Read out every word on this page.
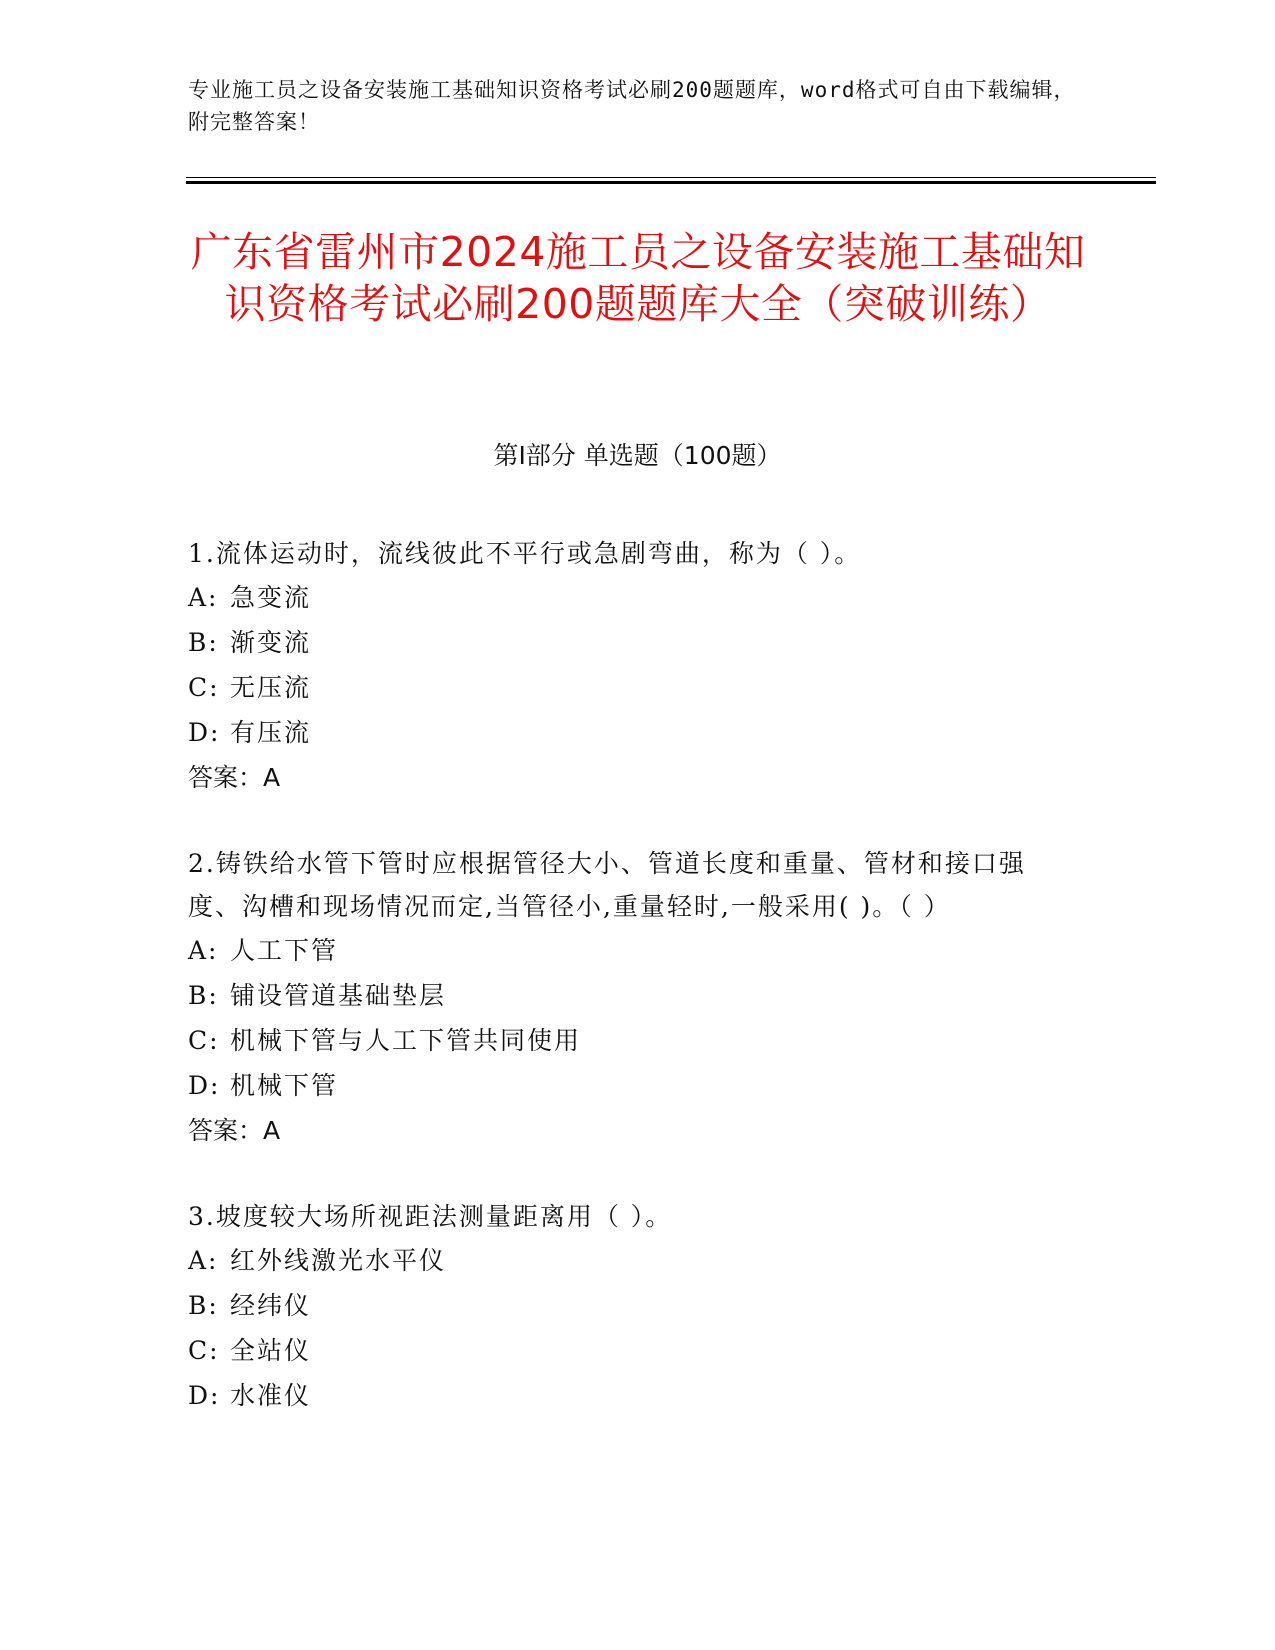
专业施工员之设备安装施工基础知识资格考试必刷200题题库，word格式可自由下载编辑，附完整答案！
广东省雷州市2024施工员之设备安装施工基础知识资格考试必刷200题题库大全（突破训练）
第Ⅰ部分 单选题（100题）

1.流体运动时，流线彼此不平行或急剧弯曲，称为（ ）。

A: 急变流

B: 渐变流

C: 无压流

D: 有压流

答案：A

2.铸铁给水管下管时应根据管径大小、管道长度和重量、管材和接口强度、沟槽和现场情况而定,当管径小,重量轻时,一般采用( )。（ ）

A: 人工下管

B: 铺设管道基础垫层

C: 机械下管与人工下管共同使用

D: 机械下管

答案：A

3.坡度较大场所视距法测量距离用（ ）。

A: 红外线激光水平仪

B: 经纬仪

C: 全站仪

D: 水准仪
